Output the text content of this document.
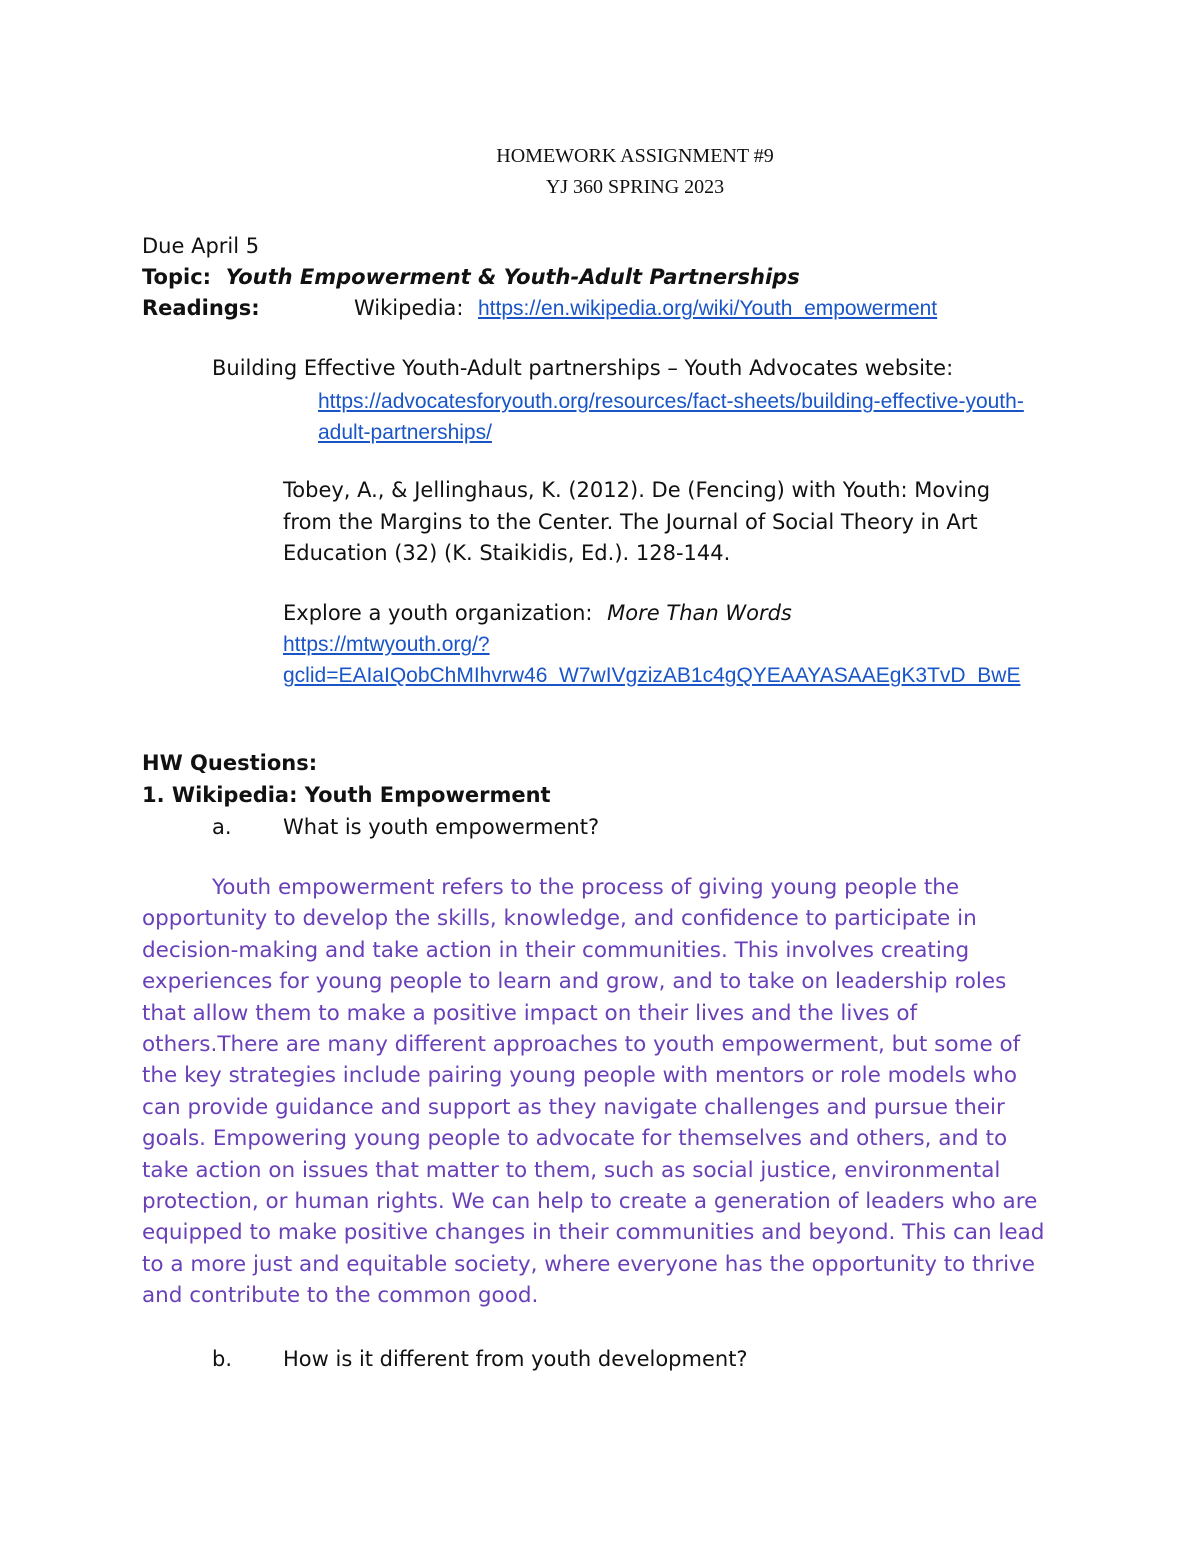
HOMEWORK ASSIGNMENT #9
YJ 360 SPRING 2023
Due April 5
Topic: Youth Empowerment & Youth-Adult Partnerships
Readings:	Wikipedia: https://en.wikipedia.org/wiki/Youth_empowerment
Building Effective Youth-Adult partnerships – Youth Advocates website:
https://advocatesforyouth.org/resources/fact-sheets/building-effective-youth-
adult-partnerships/
Tobey, A., & Jellinghaus, K. (2012). De (Fencing) with Youth: Moving
from the Margins to the Center. The Journal of Social Theory in Art
Education (32) (K. Staikidis, Ed.). 128-144.
Explore a youth organization: More Than Words
https://mtwyouth.org/?
gclid=EAIaIQobChMIhvrw46_W7wIVgzizAB1c4gQYEAAYASAAEgK3TvD_BwE
HW Questions:
1. Wikipedia: Youth Empowerment
a. What is youth empowerment?
Youth empowerment refers to the process of giving young people the
opportunity to develop the skills, knowledge, and confidence to participate in
decision-making and take action in their communities. This involves creating
experiences for young people to learn and grow, and to take on leadership roles
that allow them to make a positive impact on their lives and the lives of
others.There are many different approaches to youth empowerment, but some of
the key strategies include pairing young people with mentors or role models who
can provide guidance and support as they navigate challenges and pursue their
goals. Empowering young people to advocate for themselves and others, and to
take action on issues that matter to them, such as social justice, environmental
protection, or human rights. We can help to create a generation of leaders who are
equipped to make positive changes in their communities and beyond. This can lead
to a more just and equitable society, where everyone has the opportunity to thrive
and contribute to the common good.
b. How is it different from youth development?
